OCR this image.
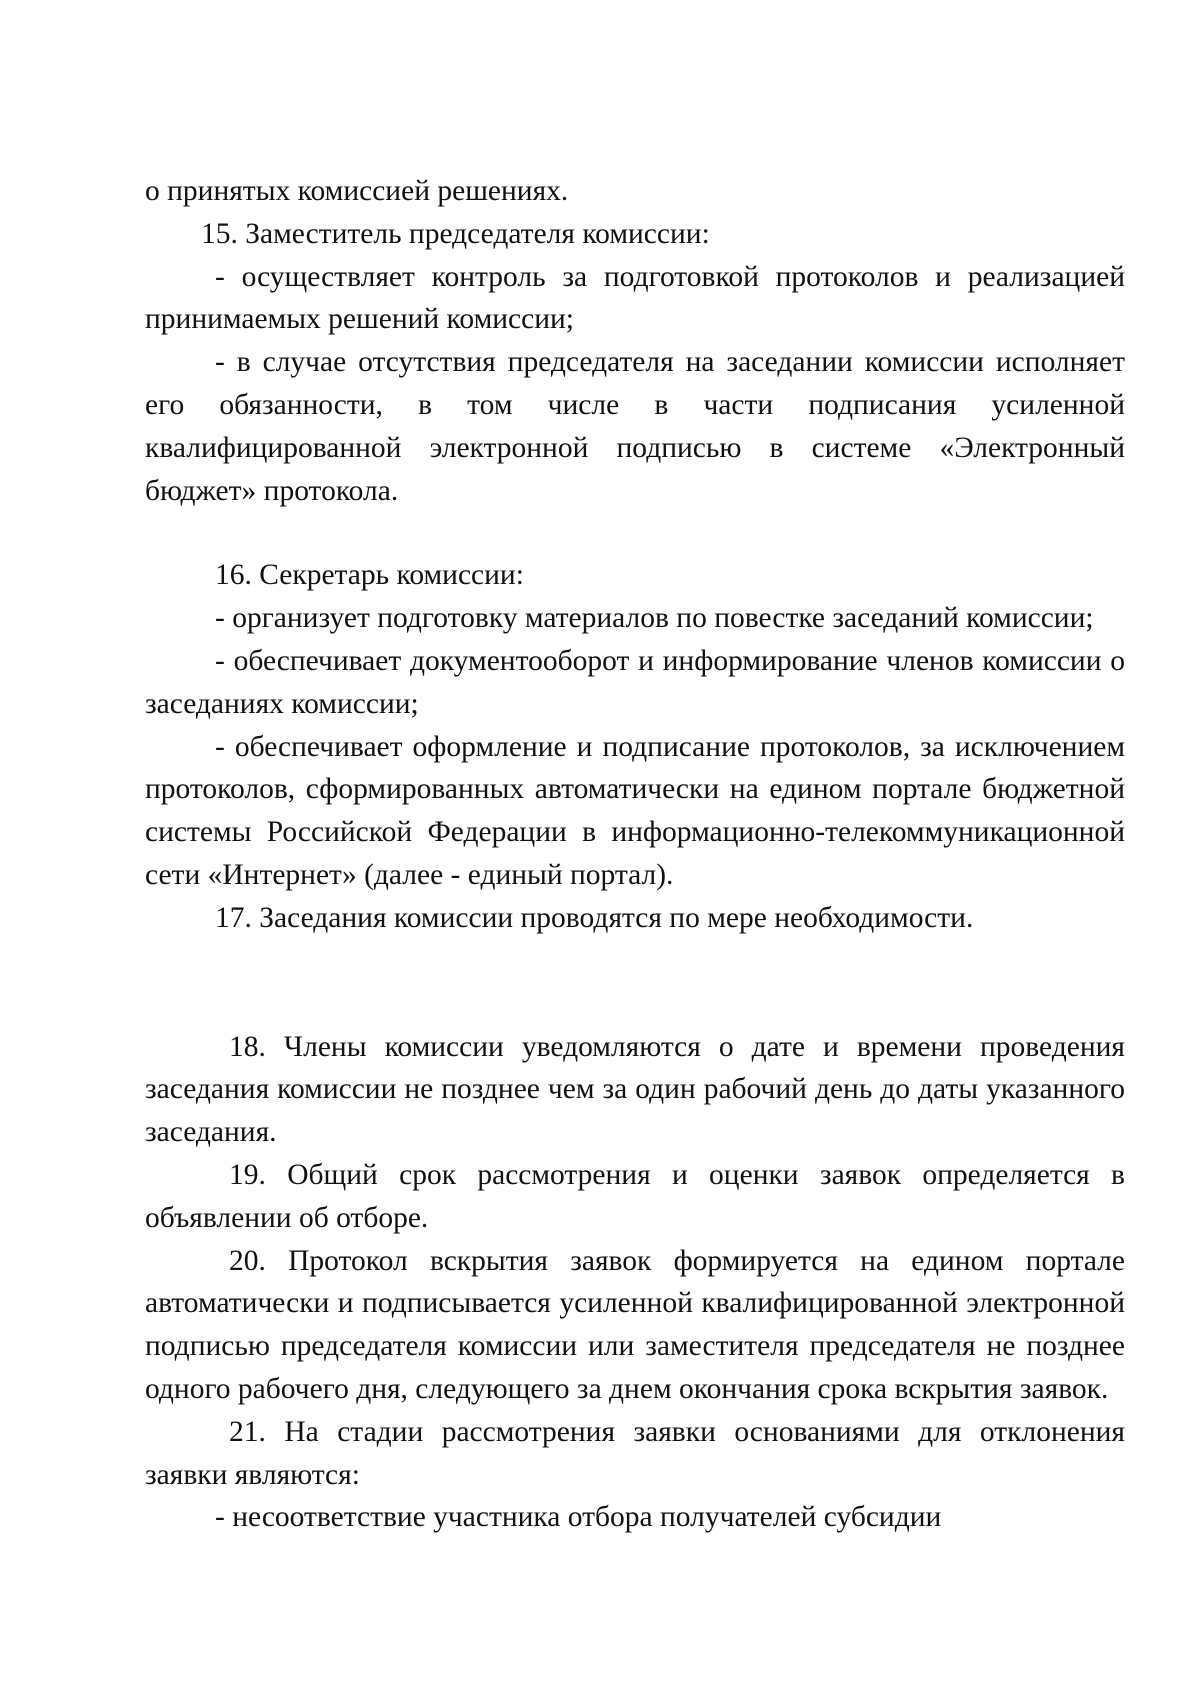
о принятых комиссией решениях.

15. Заместитель председателя комиссии:

- осуществляет контроль за подготовкой протоколов и реализацией принимаемых решений комиссии;

- в случае отсутствия председателя на заседании комиссии исполняет его обязанности, в том числе в части подписания усиленной квалифицированной электронной подписью в системе «Электронный бюджет» протокола.

16. Секретарь комиссии:

- организует подготовку материалов по повестке заседаний комиссии;

- обеспечивает документооборот и информирование членов комиссии о заседаниях комиссии;

- обеспечивает оформление и подписание протоколов, за исключением протоколов, сформированных автоматически на едином портале бюджетной системы Российской Федерации в информационно-телекоммуникационной сети «Интернет» (далее - единый портал).

17. Заседания комиссии проводятся по мере необходимости.

18. Члены комиссии уведомляются о дате и времени проведения заседания комиссии не позднее чем за один рабочий день до даты указанного заседания.

19. Общий срок рассмотрения и оценки заявок определяется в объявлении об отборе.

20. Протокол вскрытия заявок формируется на едином портале автоматически и подписывается усиленной квалифицированной электронной подписью председателя комиссии или заместителя председателя не позднее одного рабочего дня, следующего за днем окончания срока вскрытия заявок.

21. На стадии рассмотрения заявки основаниями для отклонения заявки являются:

- несоответствие участника отбора получателей субсидии
